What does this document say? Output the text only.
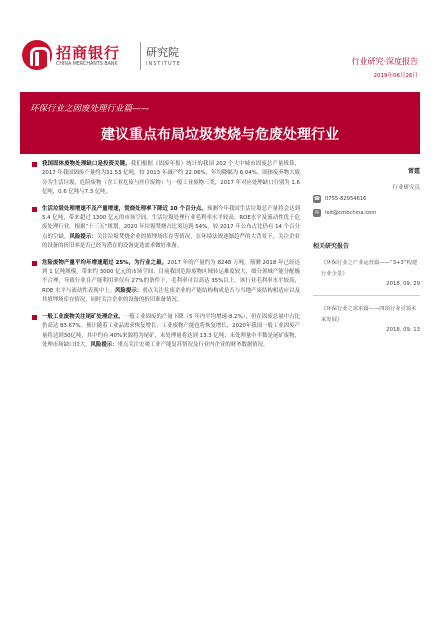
招商银行
CHINA MERCHANTS BANK
研究院
INSTITUTE	行业研究·深度报告
2019年06月26日
环保行业之固废处理行业篇——
建议重点布局垃圾焚烧与危废处理行业
我国固体废物处理缺口是投资关键。我们根据《固废年报》统计的我国 202 个大中城市固废总产量推算，2017 年我国固废产量约为31.53 亿吨，较 2013 年减产约 22.06%，年均降幅为 6.04%。固体废弃物大致分为生活垃圾、危险废物（含工业危废与医疗废物）与一般工业废物三类，2017 年对应处理缺口分别为 1.6 亿吨、0.6 亿吨与7.3 亿吨。
生活垃圾处理增速不及产量增速，焚烧处理率下降近 10 个百分点。预测今年我国生活垃圾总产量将会达到 5.4 亿吨，带来超过 1300 亿元的市场空间。生活垃圾处理行业毛利率水平较高，ROE水平及流动性优于危废处理行业。根据“十三五”规划，2020 年垃圾焚烧占比须达到 54%，较 2017 年公布占比仍有 14 个百分点的空缺。风险提示：关注垃圾焚烧企业的填埋场库存等情况，在环境法规逐渐趋严的大背景下，关注企业的设备的折旧率是否已经为潜在的设备更迭需求做好准备。
危险废物产量平均年增速超过 25%，为行业之最。2017 年的产量约为 8248 万吨，预测 2018 年已经达到 1 亿吨规模，带来约 3000 亿元的市场空间。目前我国危险废物区域转运难度较大，细分领域产能分配极不合理，导致行业在产能利用率仅有 27%的条件下，毛利率可以高达 35%以上。该行业毛利率水平较高，ROE 水平与流动性表现中上。风险提示：重点关注危废企业的产能结构构成是否与当地产废结构相适应以及其填埋场库存情况，同时关注企业的设备的折旧准备情况。
一般工业废物关注尾矿处理企业。一般工业固废的产量下降（5 年内平均增速-8.2%），但在固废总量中占比仍高达 83.67%。预计随着工业品需求恢复增长，工业废物产能也将恢复增长，2020年我国一般工业固废产量将达到30亿吨，其中约有 40%来源将为尾矿，未处理量将达到 13.3 亿吨；未处理量中半数是尾矿废物，处理市场缺口较大。风险提示：重点关注宏观工业产能复苏情况及行业内企业的财务数据情况。
雷霆
行业研究员
☎ 0755-82954616
✉	leit@cmbchina.com
相关研究报告
《环保行业之产业运营篇——“3+3”构建行业全景》
2018. 09. 29
《环保行业之需求篇——四项行业引领未来发展》
2018. 09. 13
